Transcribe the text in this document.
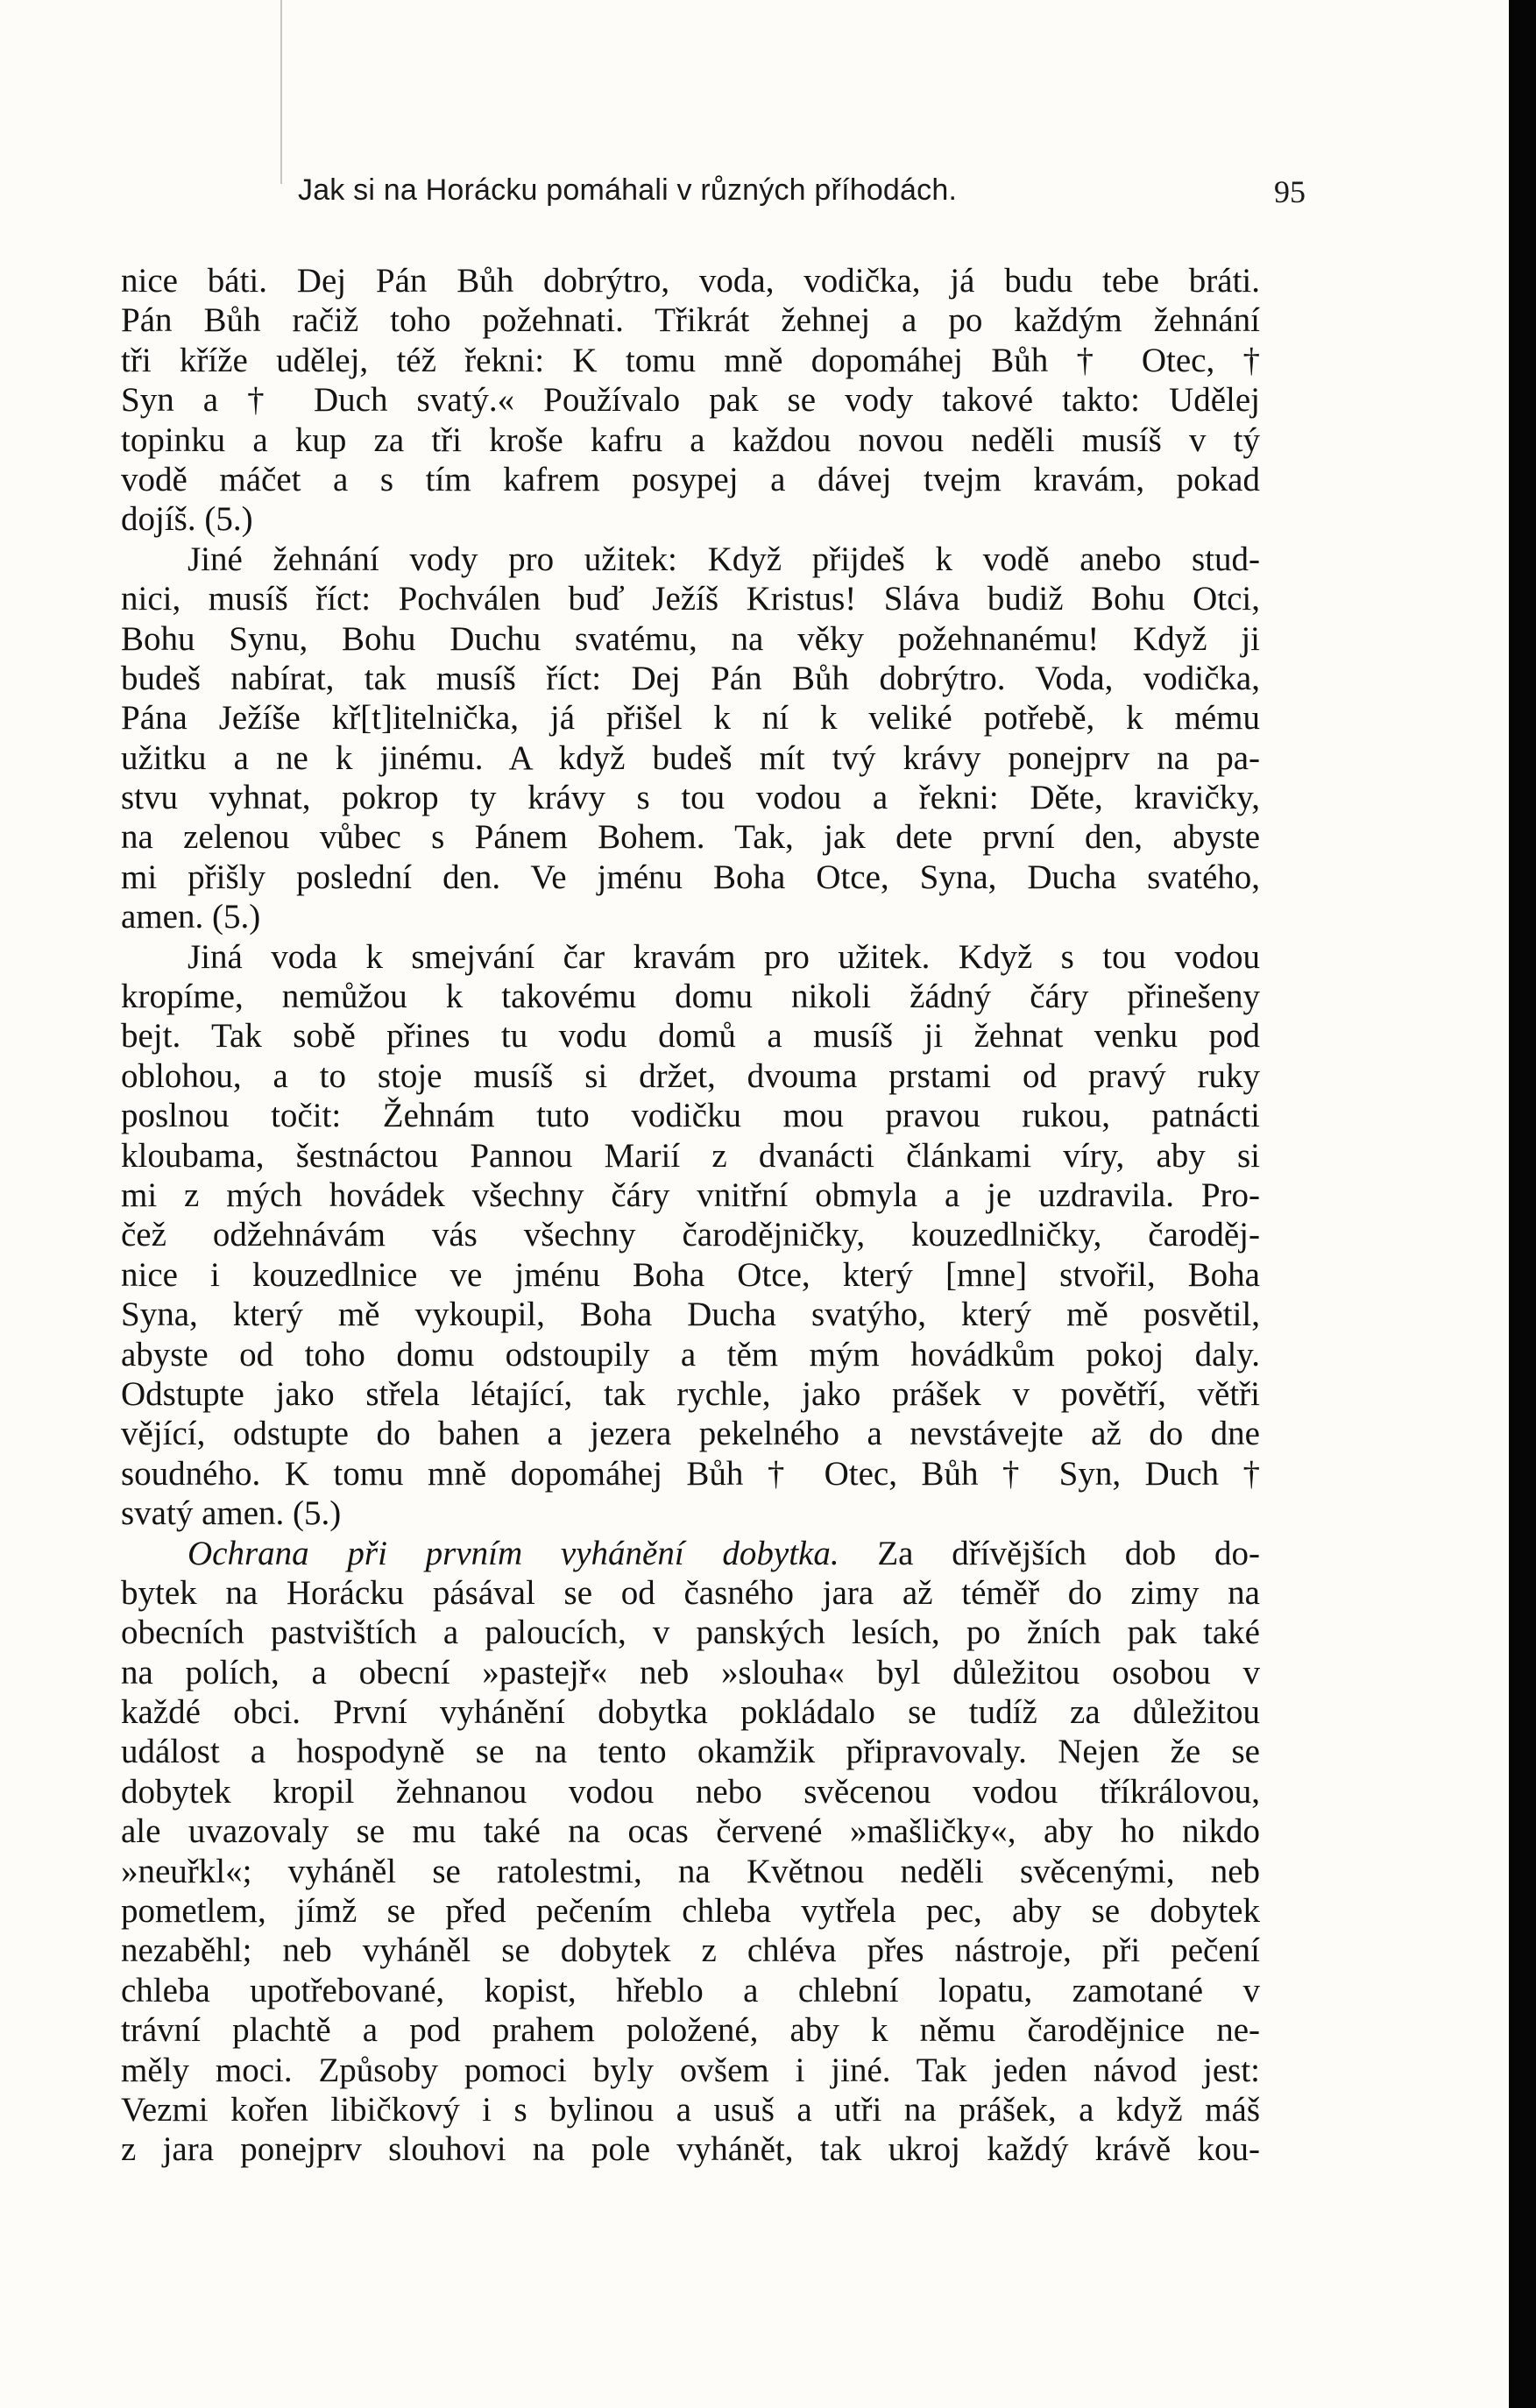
Jak si na Horácku pomáhali v různých příhodách.	95
nice báti. Dej Pán Bůh dobrýtro, voda, vodička, já budu tebe bráti.
Pán Bůh račiž toho požehnati. Třikrát žehnej a po každým žehnání
tři kříže udělej, též řekni: K tomu mně dopomáhej Bůh † Otec, †
Syn a † Duch svatý.« Používalo pak se vody takové takto: Udělej
topinku a kup za tři kroše kafru a každou novou neděli musíš v tý
vodě máčet a s tím kafrem posypej a dávej tvejm kravám, pokad
dojíš. (5.)
Jiné žehnání vody pro užitek: Když přijdeš k vodě anebo stud-
nici, musíš říct: Pochválen buď Ježíš Kristus! Sláva budiž Bohu Otci,
Bohu Synu, Bohu Duchu svatému, na věky požehnanému! Když ji
budeš nabírat, tak musíš říct: Dej Pán Bůh dobrýtro. Voda, vodička,
Pána Ježíše kř[t]itelnička, já přišel k ní k veliké potřebě, k mému
užitku a ne k jinému. A když budeš mít tvý krávy ponejprv na pa-
stvu vyhnat, pokrop ty krávy s tou vodou a řekni: Děte, kravičky,
na zelenou vůbec s Pánem Bohem. Tak, jak dete první den, abyste
mi přišly poslední den. Ve jménu Boha Otce, Syna, Ducha svatého,
amen. (5.)
Jiná voda k smejvání čar kravám pro užitek. Když s tou vodou
kropíme, nemůžou k takovému domu nikoli žádný čáry přinešeny
bejt. Tak sobě přines tu vodu domů a musíš ji žehnat venku pod
oblohou, a to stoje musíš si držet, dvouma prstami od pravý ruky
poslnou točit: Žehnám tuto vodičku mou pravou rukou, patnácti
kloubama, šestnáctou Pannou Marií z dvanácti článkami víry, aby si
mi z mých hovádek všechny čáry vnitřní obmyla a je uzdravila. Pro-
čež odžehnávám vás všechny čarodějničky, kouzedlničky, čaroděj-
nice i kouzedlnice ve jménu Boha Otce, který [mne] stvořil, Boha
Syna, který mě vykoupil, Boha Ducha svatýho, který mě posvětil,
abyste od toho domu odstoupily a těm mým hovádkům pokoj daly.
Odstupte jako střela létající, tak rychle, jako prášek v povětří, větři
vějící, odstupte do bahen a jezera pekelného a nevstávejte až do dne
soudného. K tomu mně dopomáhej Bůh † Otec, Bůh † Syn, Duch †
svatý amen. (5.)
Ochrana při prvním vyhánění dobytka. Za dřívějších dob do-
bytek na Horácku pásával se od časného jara až téměř do zimy na
obecních pastvištích a paloucích, v panských lesích, po žních pak také
na polích, a obecní »pastejř« neb »slouha« byl důležitou osobou v
každé obci. První vyhánění dobytka pokládalo se tudíž za důležitou
událost a hospodyně se na tento okamžik připravovaly. Nejen že se
dobytek kropil žehnanou vodou nebo svěcenou vodou tříkrálovou,
ale uvazovaly se mu také na ocas červené »mašličky«, aby ho nikdo
»neuřkl«; vyháněl se ratolestmi, na Květnou neděli svěcenými, neb
pometlem, jímž se před pečením chleba vytřela pec, aby se dobytek
nezaběhl; neb vyháněl se dobytek z chléva přes nástroje, při pečení
chleba upotřebované, kopist, hřeblo a chlební lopatu, zamotané v
trávní plachtě a pod prahem položené, aby k němu čarodějnice ne-
měly moci. Způsoby pomoci byly ovšem i jiné. Tak jeden návod jest:
Vezmi kořen libičkový i s bylinou a usuš a utři na prášek, a když máš
z jara ponejprv slouhovi na pole vyhánět, tak ukroj každý krávě kou-
